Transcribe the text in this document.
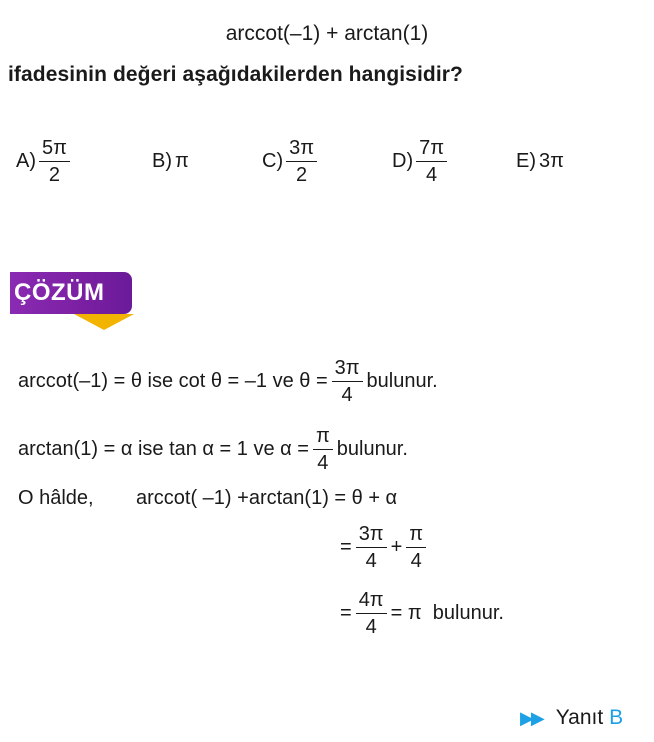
arccot(–1) + arctan(1)
ifadesinin değeri aşağıdakilerden hangisidir?
$A) \frac{5\pi}{2}$	B) π	$C) \frac{3\pi}{2}$	$D) \frac{7\pi}{4}$	E) 3π
ÇÖZÜM
arccot(–1) = θ ise cot θ = –1 ve $\theta = \frac{3\pi}{4}$ bulunur.
arctan(1) = α ise tan α = 1 ve $\alpha = \frac{\pi}{4}$ bulunur.
O hâlde, arccot( –1) +arctan(1) = θ + α
= $\frac{3\pi}{4} + \frac{\pi}{4}$
= $\frac{4\pi}{4} = \pi$  bulunur.
▶▶ Yanıt B
